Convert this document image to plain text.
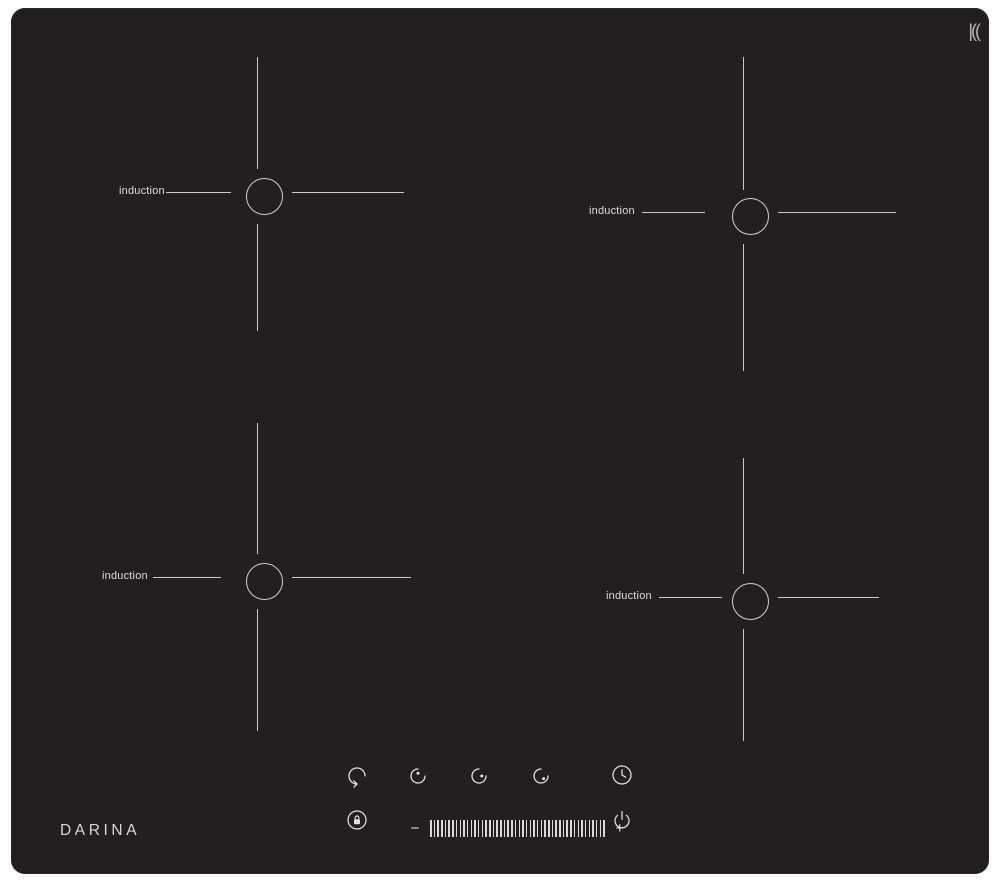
DARINA
|((
induction
induction
induction
induction
−	+
